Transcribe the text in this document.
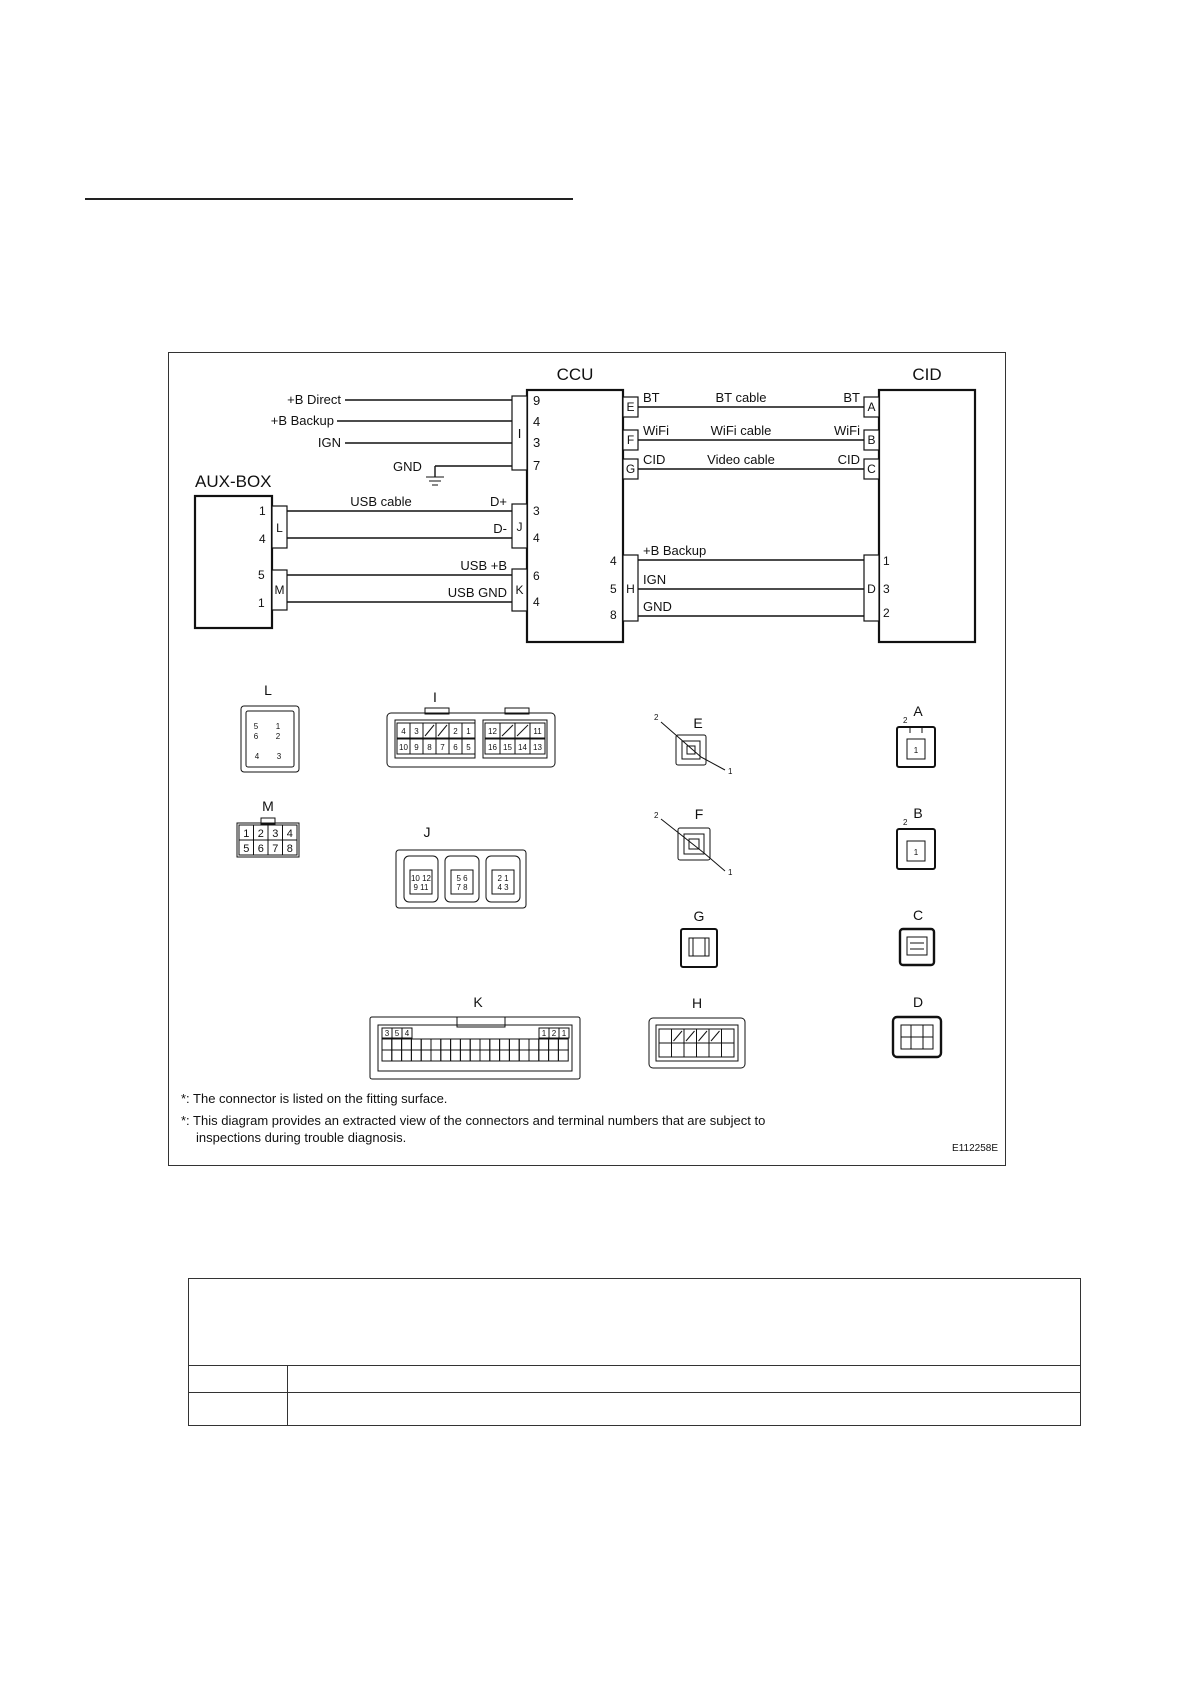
CCU
I
9
4
3
7
+B Direct
+B Backup
IGN
GND
CID
E
F
G
A
B
C
BT
WiFi
CID
BT cable
WiFi cable
Video cable
BT
WiFi
CID
AUX-BOX
L
1
4
M
5
1
J
K
3
4
6
4
USB cable	D+
D-
USB +B
USB GND	H
4
5
8
D
1
3
2
+B Backup
IGN
GND
L
5 1
6 2
4 3
I
4 3	2 1
10 9 8 7 6 5
12	11
16 15 14 13
E
2
1
A
2
1
M
1 2 3 4
5 6 7 8
J
10 12
9 11
5 6
7 8
2 1
4 3
F
2
1
B
2
1
G	C
K
3 5 4	1 2 1
H	D
*: The connector is listed on the fitting surface.
*: This diagram provides an extracted view of the connectors and terminal numbers that are subject to
inspections during trouble diagnosis.
E112258E
